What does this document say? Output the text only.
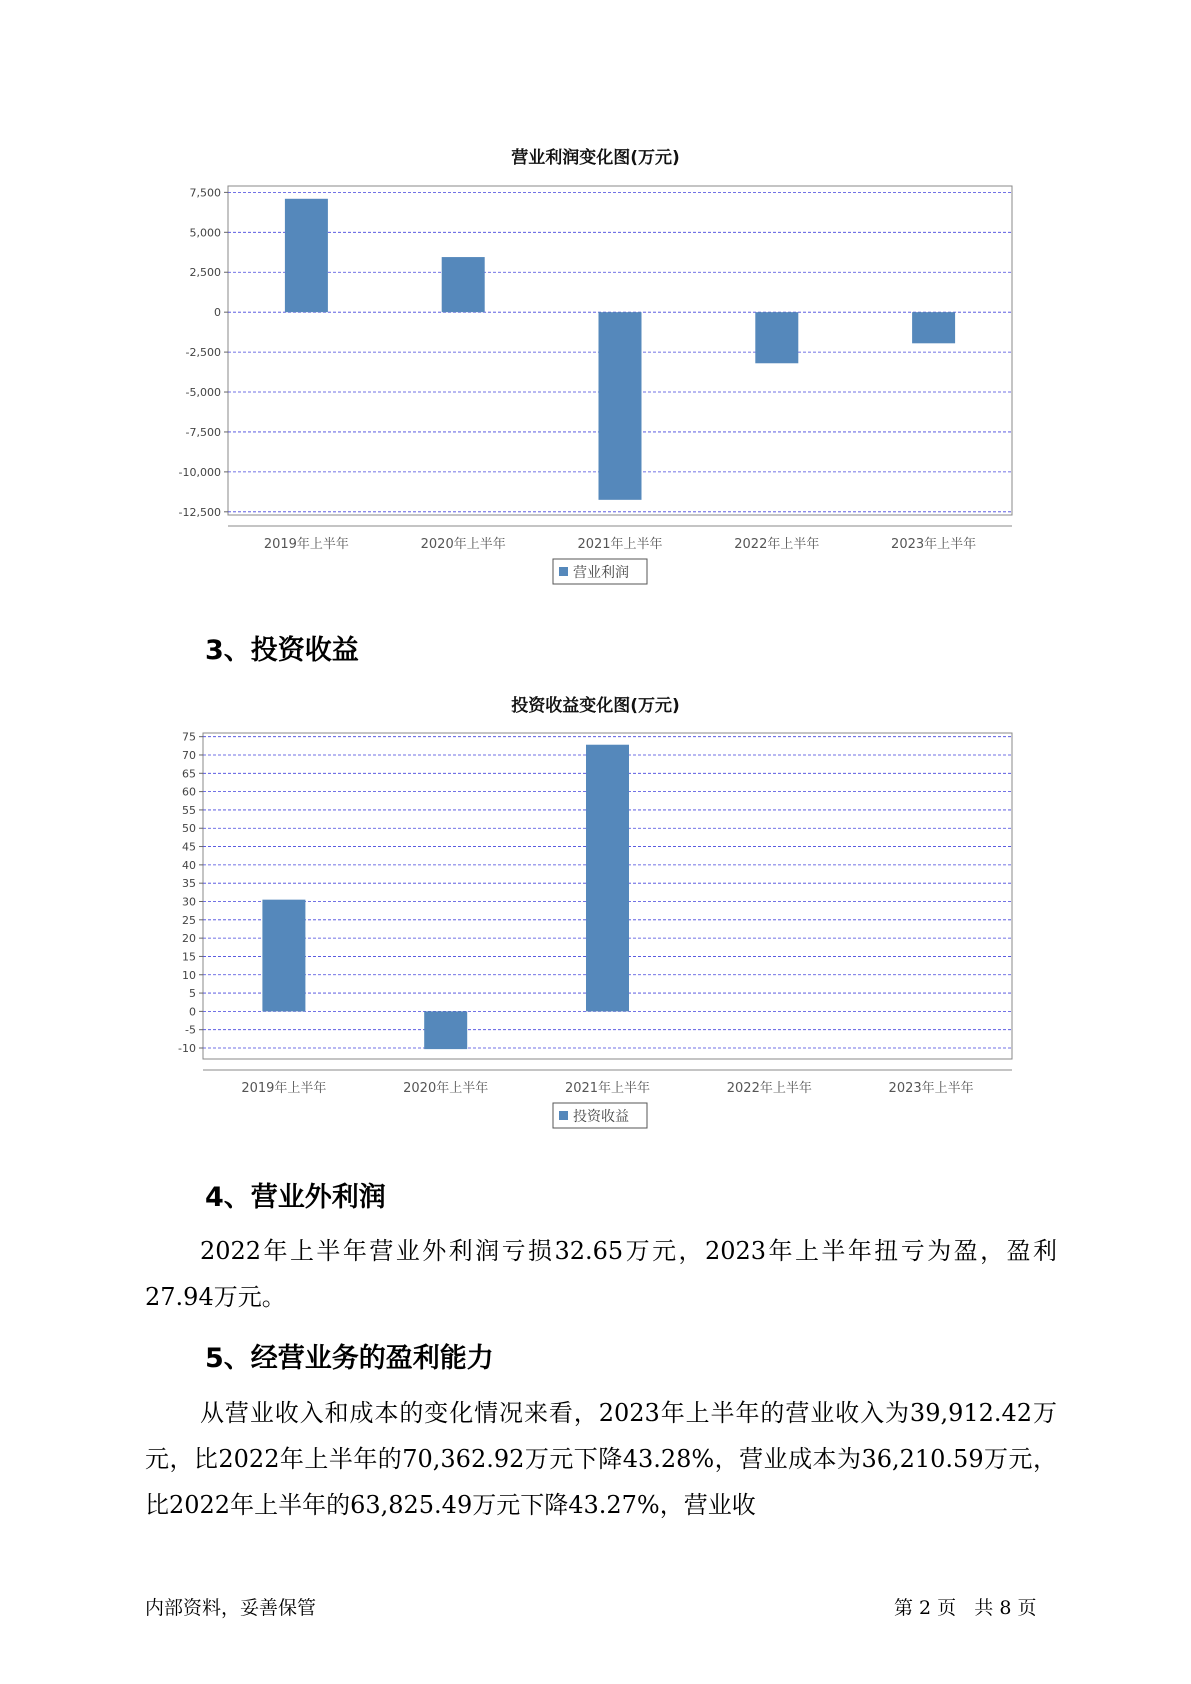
营业利润变化图(万元)
7,500
5,000
2,500
0
-2,500
-5,000
-7,500
-10,000
-12,500
2019年上半年	2020年上半年	2021年上半年	2022年上半年	2023年上半年
营业利润
3、投资收益
投资收益变化图(万元)
75
70
65
60
55
50
45
40
35
30
25
20
15
10
5
0
-5
-10
2019年上半年	2020年上半年	2021年上半年	2022年上半年	2023年上半年
投资收益
4、营业外利润

2022年上半年营业外利润亏损32.65万元，2023年上半年扭亏为盈，盈利27.94万元。

5、经营业务的盈利能力

从营业收入和成本的变化情况来看，2023年上半年的营业收入为39,912.42万元，比2022年上半年的70,362.92万元下降43.28%，营业成本为36,210.59万元，比2022年上半年的63,825.49万元下降43.27%，营业收

内部资料，妥善保管	第 2 页   共 8 页
